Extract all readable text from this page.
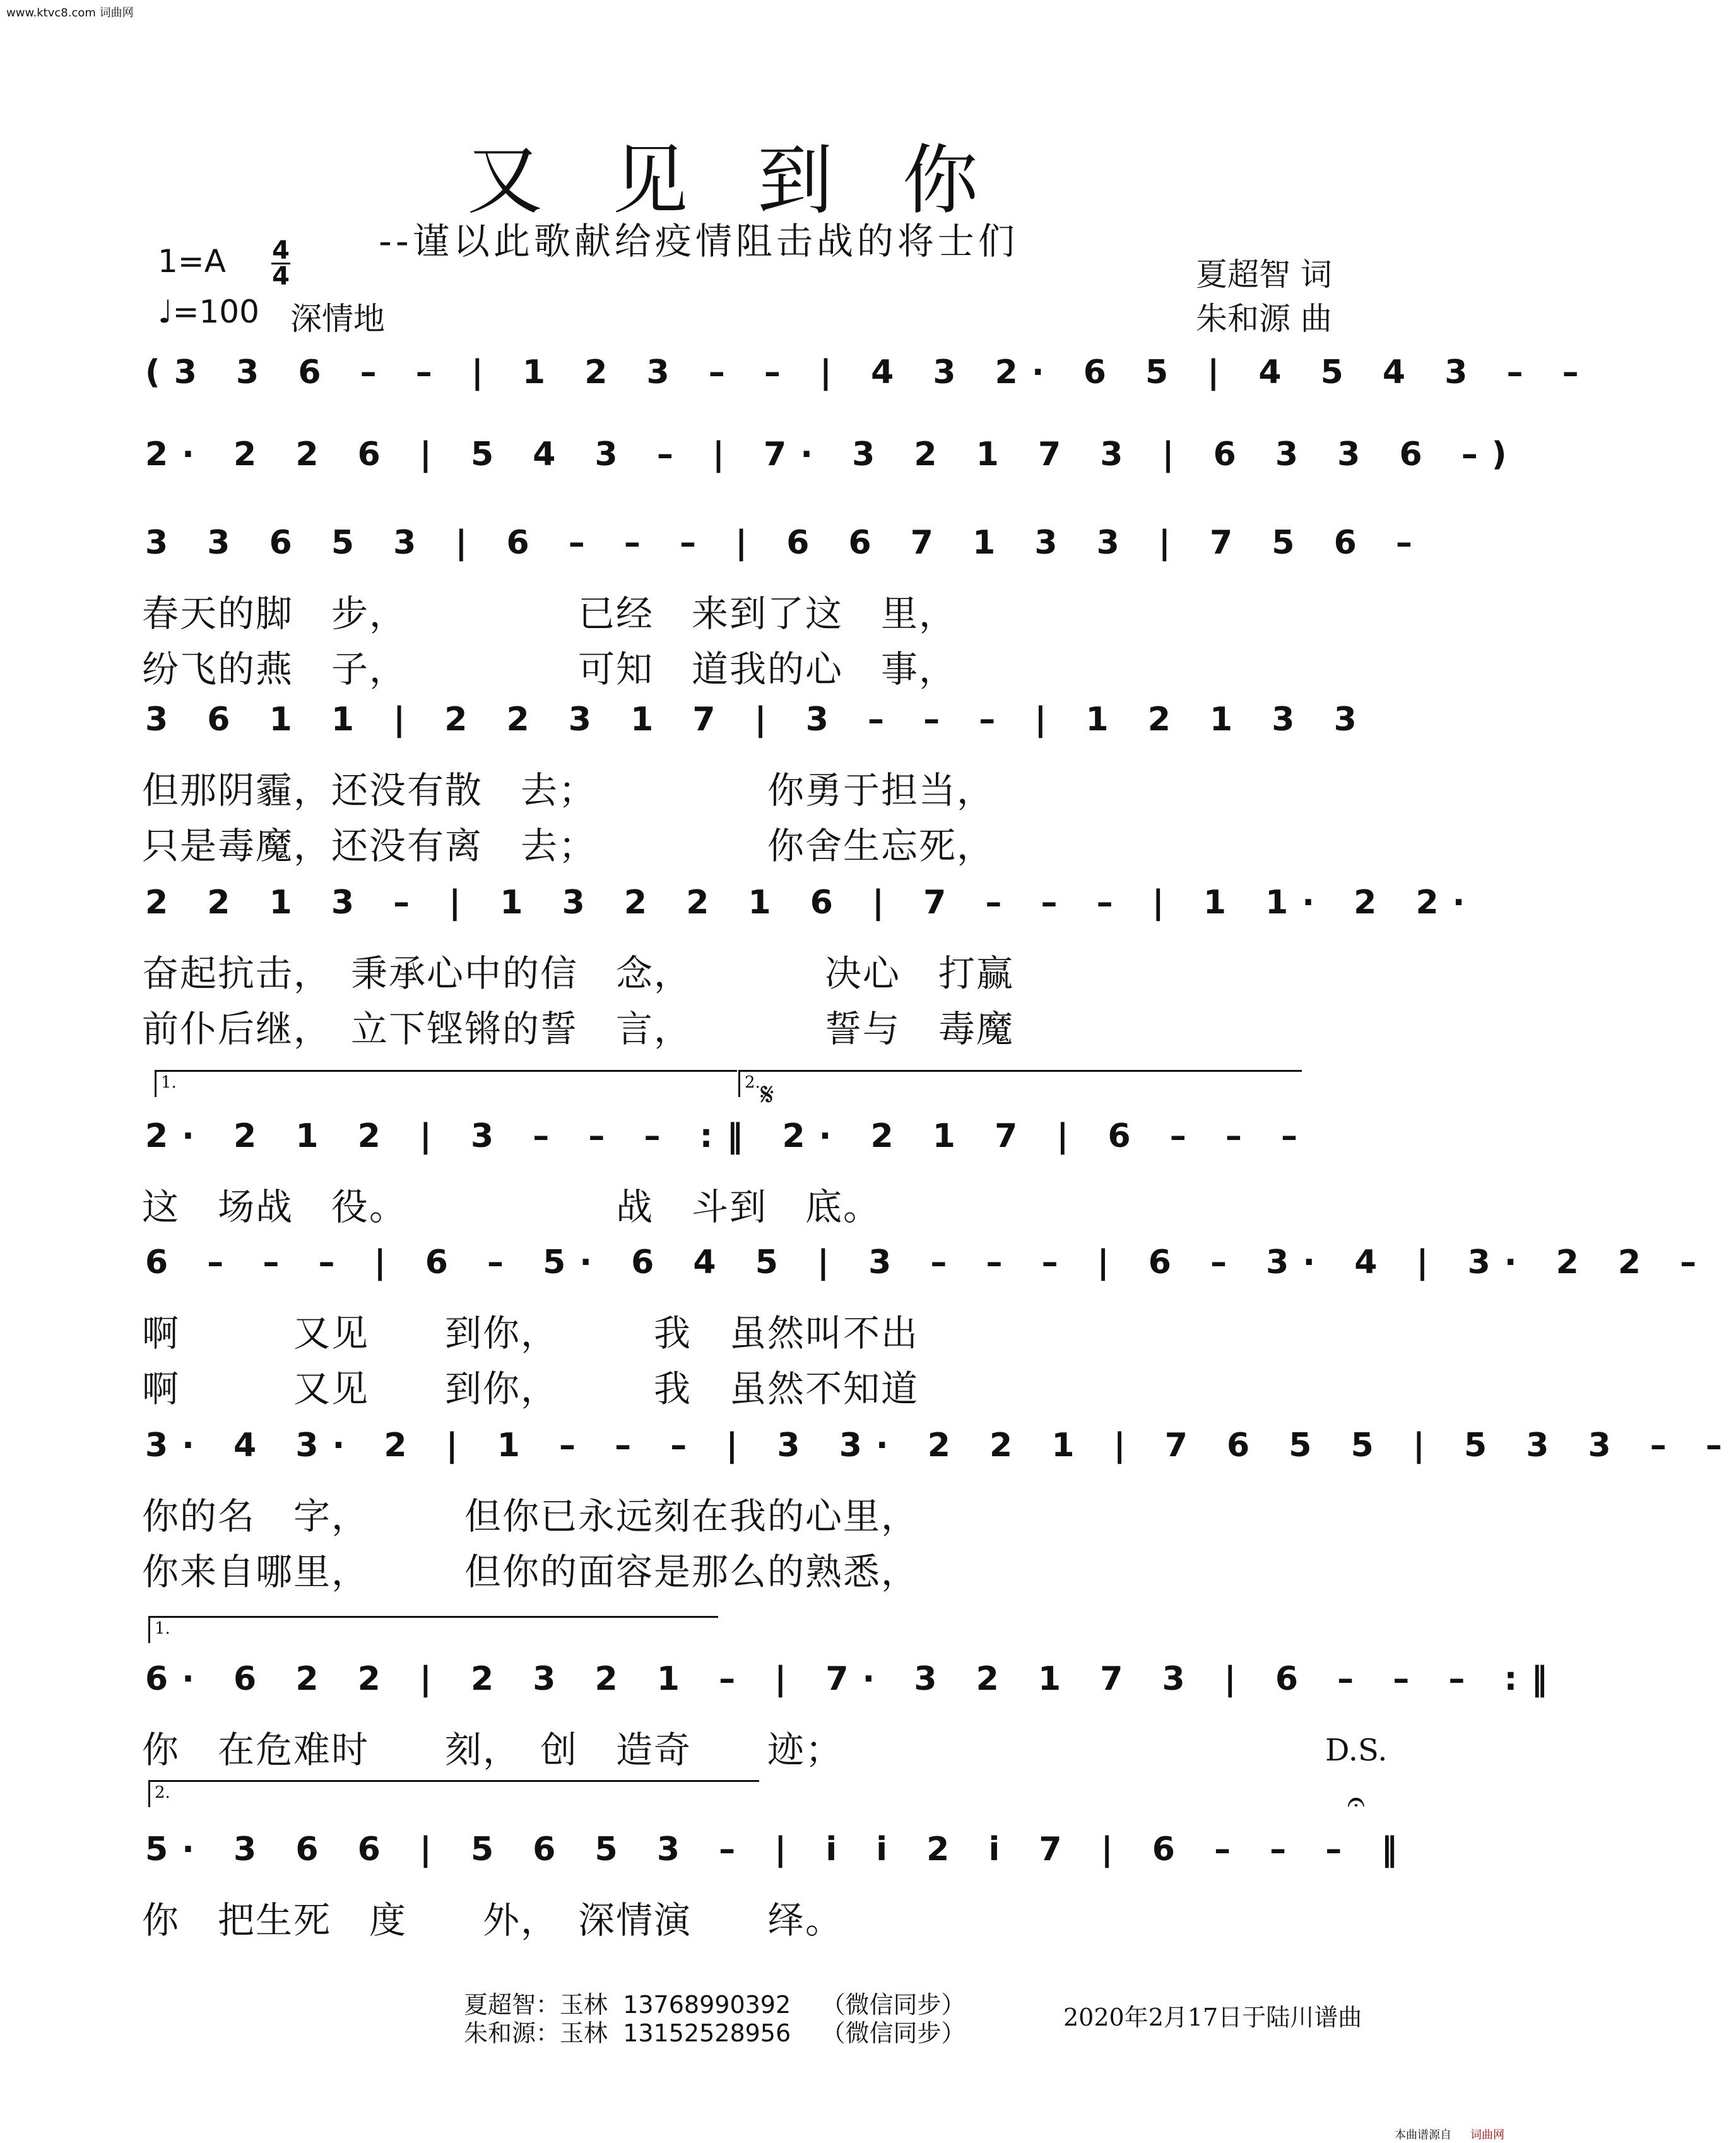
www.ktvc8.com 词曲网
又见到你
--谨以此歌献给疫情阻击战的将士们
1=A 4
4
♩=100 深情地
夏超智 词
朱和源 曲
(3 3 6 – – | 1 2 3 – – | 4 3 2· 6 5 | 4 5 4 3 – –
2· 2 2 6 | 5 4 3 – | 7· 3 2 1 7 3 | 6 3 3 6 –)
3 3 6 5 3 | 6 – – – | 6 6 7 1 3 3 | 7 5 6 –
春天的脚　步，　　　　　已经　来到了这　里，
纷飞的燕　子，　　　　　可知　道我的心　事，
3 6 1 1 | 2 2 3 1 7 | 3 – – – | 1 2 1 3 3
但那阴霾，还没有散　去；　　　　　你勇于担当，
只是毒魔，还没有离　去；　　　　　你舍生忘死，
2 2 1 3 – | 1 3 2 2 1 6 | 7 – – – | 1 1· 2 2·
奋起抗击，　秉承心中的信　念，　　　　决心　打赢
前仆后继，　立下铿锵的誓　言，　　　　誓与　毒魔
2· 2 1 2 | 3 – – – :‖ 2· 2 1 7 | 6 – – –
这　场战　役。　　　　　　战　斗到　底。
6 – – – | 6 – 5· 6 4 5 | 3 – – – | 6 – 3· 4 | 3· 2 2 –
啊　　　又见　　到你，　　　我　虽然叫不出
啊　　　又见　　到你，　　　我　虽然不知道
3· 4 3· 2 | 1 – – – | 3 3· 2 2 1 | 7 6 5 5 | 5 3 3 – –
你的名　字，　　　但你已永远刻在我的心里，
你来自哪里，　　　但你的面容是那么的熟悉，
6· 6 2 2 | 2 3 2 1 – | 7· 3 2 1 7 3 | 6 – – – :‖
你　在危难时　　刻，　创　造奇　　迹；
5· 3 6 6 | 5 6 5 3 – | i i 2 i 7 | 6 – – – ‖
你　把生死　度　　外，　深情演　　绎。
1.	2. 𝄋
1.
2.
D.S.
𝄐
夏超智：玉林 13768990392 （微信同步）
朱和源：玉林 13152528956 （微信同步）
2020年2月17日于陆川谱曲
本曲谱源自 词曲网
